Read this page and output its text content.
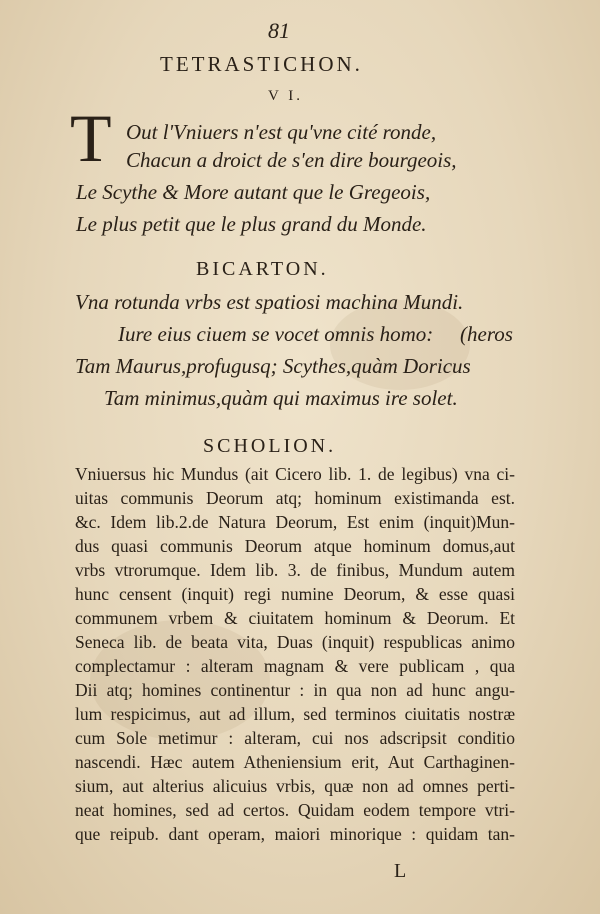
81
TETRASTICHON.
V I.
T Out l'Vniuers n'est qu'vne cité ronde,
Chacun a droict de s'en dire bourgeois,
Le Scythe & More autant que le Gregeois,
Le plus petit que le plus grand du Monde.
BICARTON.
Vna rotunda vrbs est spatiosi machina Mundi.
Iure eius ciuem se vocet omnis homo: (heros
Tam Maurus,profugusq; Scythes,quàm Doricus
Tam minimus,quàm qui maximus ire solet.
SCHOLION.
Vniuersus hic Mundus (ait Cicero lib. 1. de legibus) vna ci-
uitas communis Deorum atq; hominum existimanda est.
&c. Idem lib.2.de Natura Deorum, Est enim (inquit)Mun-
dus quasi communis Deorum atque hominum domus,aut
vrbs vtrorumque. Idem lib. 3. de finibus, Mundum autem
hunc censent (inquit) regi numine Deorum, & esse quasi
communem vrbem & ciuitatem hominum & Deorum. Et
Seneca lib. de beata vita, Duas (inquit) respublicas animo
complectamur : alteram magnam & vere publicam , qua
Dii atq; homines continentur : in qua non ad hunc angu-
lum respicimus, aut ad illum, sed terminos ciuitatis nostræ
cum Sole metimur : alteram, cui nos adscripsit conditio
nascendi. Hæc autem Atheniensium erit, Aut Carthaginen-
sium, aut alterius alicuius vrbis, quæ non ad omnes perti-
neat homines, sed ad certos. Quidam eodem tempore vtri-
que reipub. dant operam, maiori minorique : quidam tan-
L
